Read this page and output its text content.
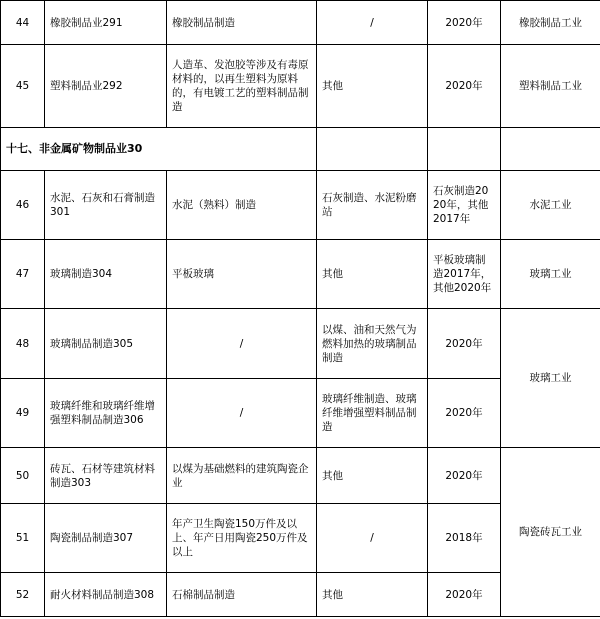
44	橡胶制品业291	橡胶制品制造	/	2020年	橡胶制品工业
45	塑料制品业292	人造革、发泡胶等涉及有毒原材料的，以再生塑料为原料的，有电镀工艺的塑料制品制造	其他	2020年	塑料制品工业
十七、非金属矿物制品业30					
46	水泥、石灰和石膏制造301	水泥（熟料）制造	石灰制造、水泥粉磨站	石灰制造2020年，其他2017年	水泥工业
47	玻璃制造304	平板玻璃	其他	平板玻璃制造2017年，其他2020年	玻璃工业
48	玻璃制品制造305	/	以煤、油和天然气为燃料加热的玻璃制品制造	2020年	玻璃工业
49	玻璃纤维和玻璃纤维增强塑料制品制造306	/	玻璃纤维制造、玻璃纤维增强塑料制品制造	2020年	
50	砖瓦、石材等建筑材料制造303	以煤为基础燃料的建筑陶瓷企业	其他	2020年	陶瓷砖瓦工业
51	陶瓷制品制造307	年产卫生陶瓷150万件及以上、年产日用陶瓷250万件及以上	/	2018年	
52	耐火材料制品制造308	石棉制品制造	其他	2020年	
